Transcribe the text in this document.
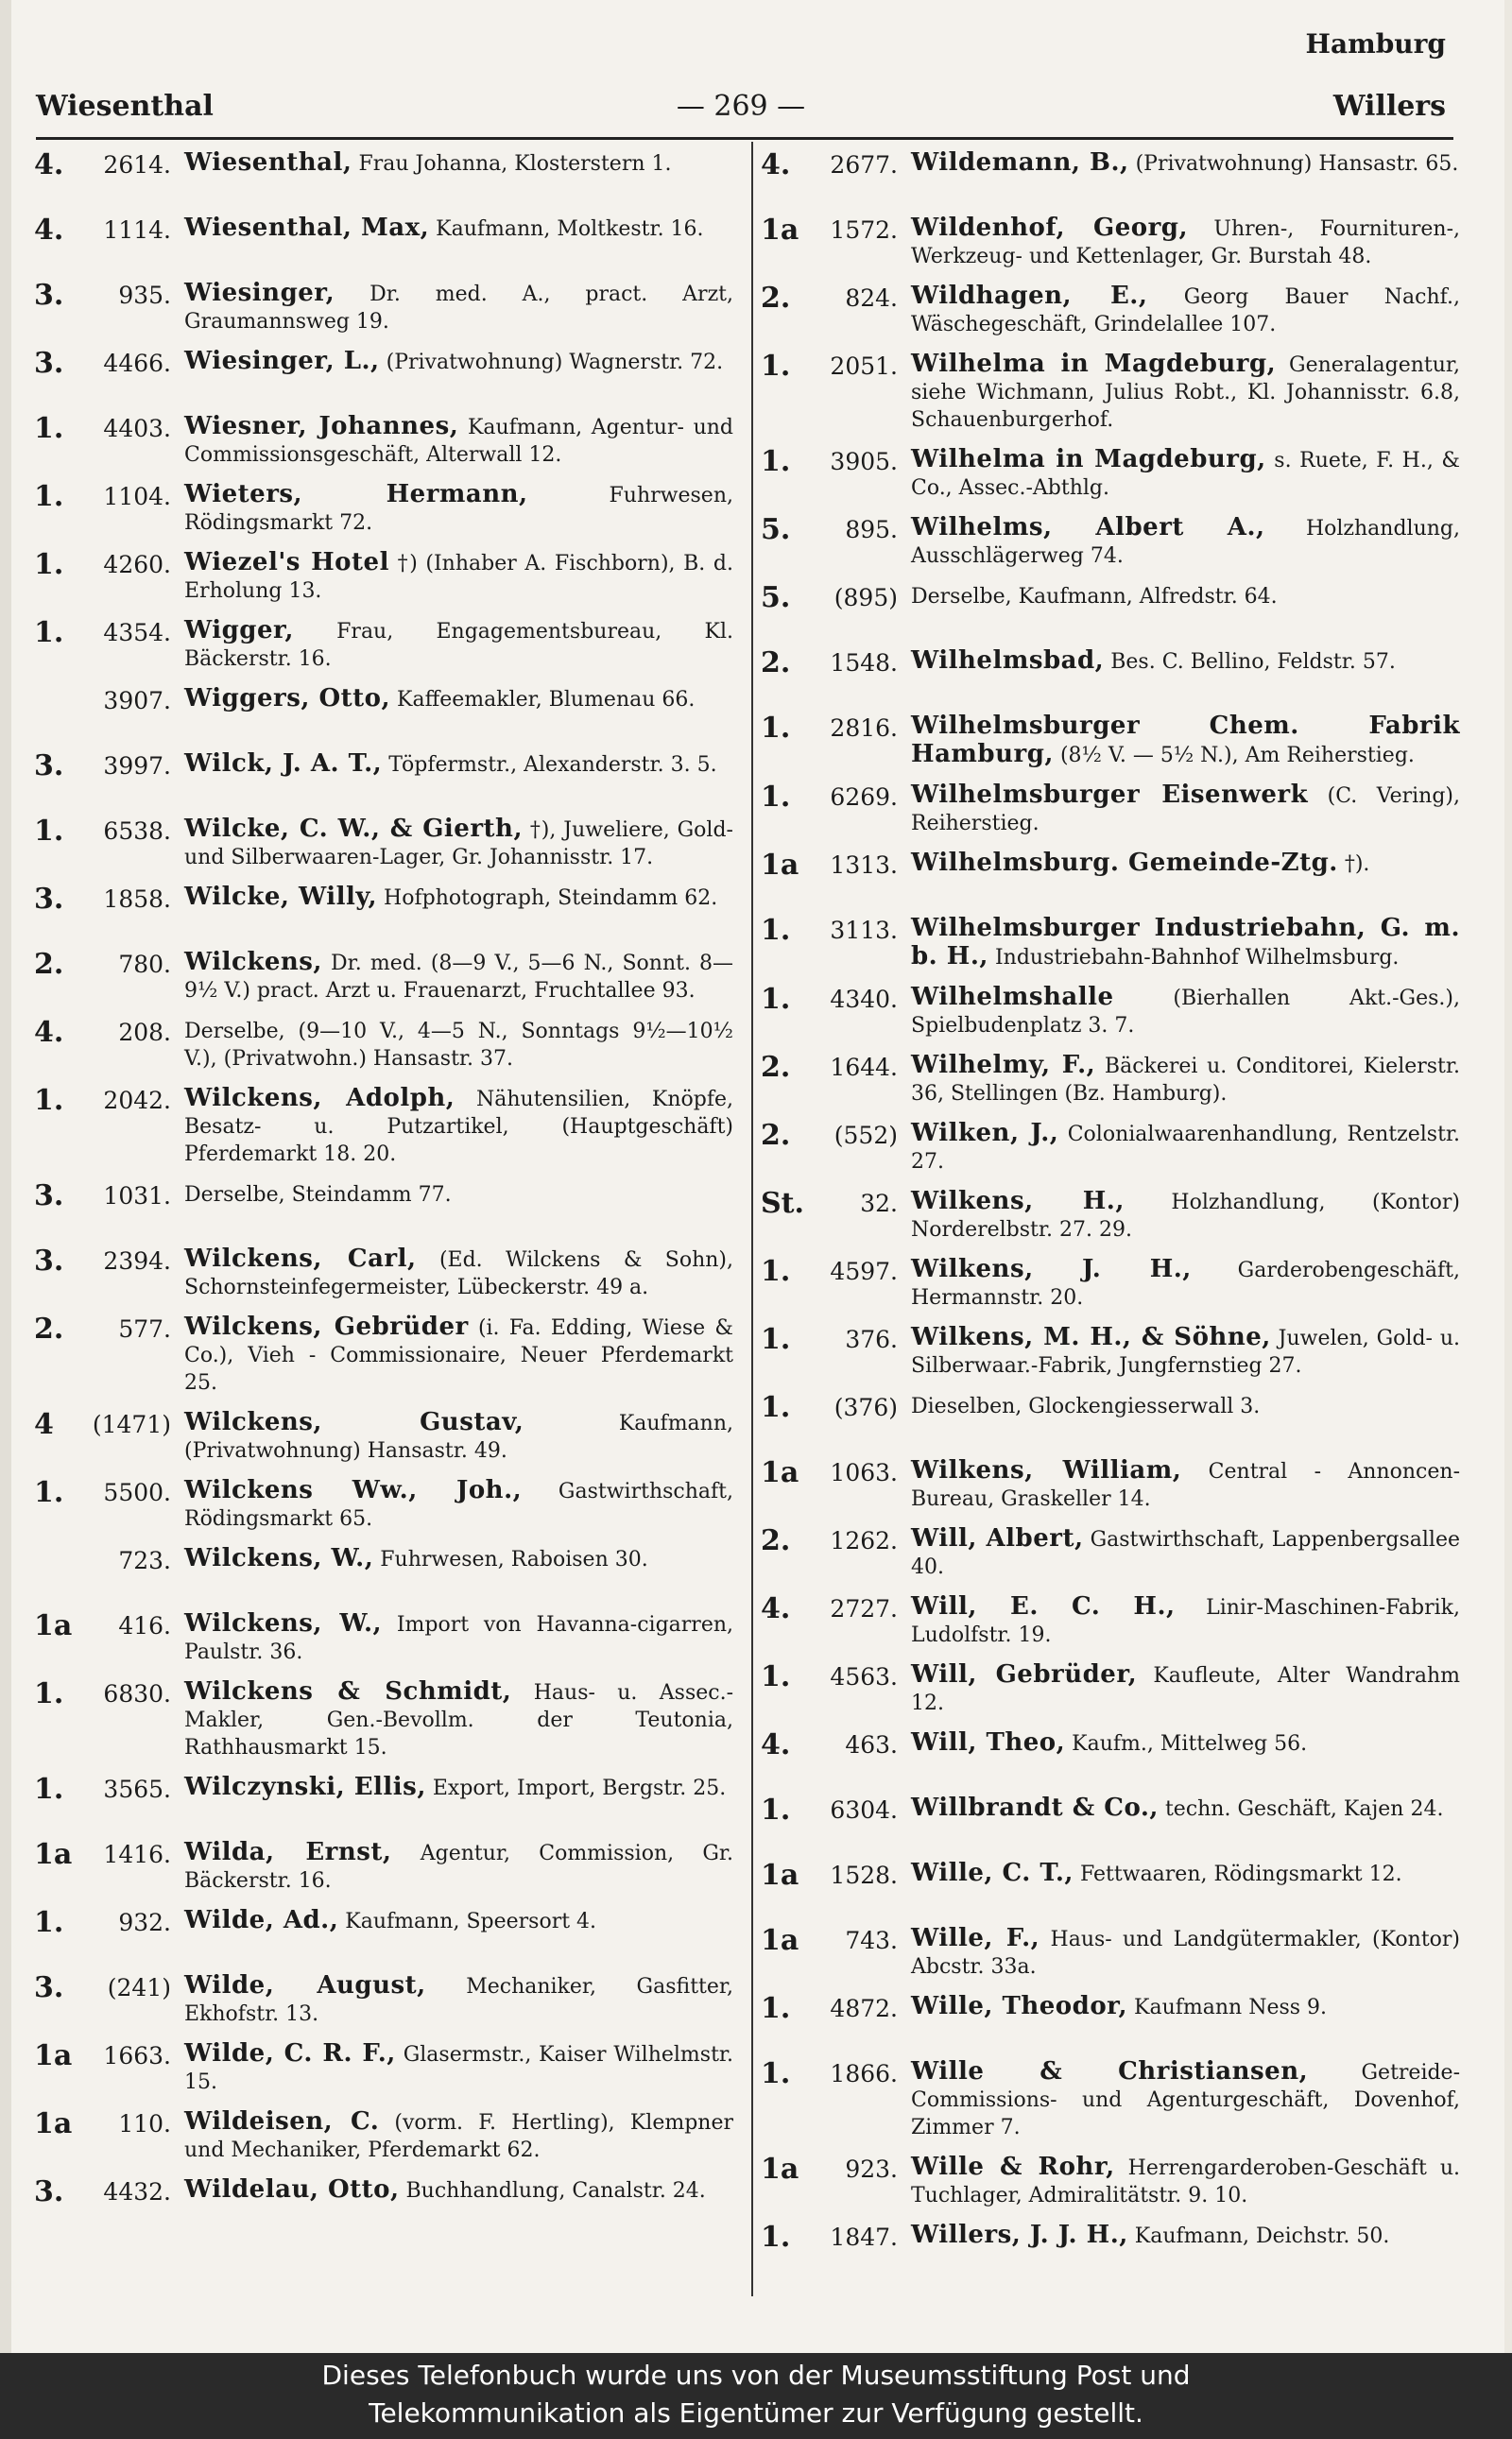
Hamburg
Wiesenthal	— 269 —	Willers
4.	2614. Wiesenthal, Frau Johanna, Klosterstern 1.
4.	1114. Wiesenthal, Max, Kaufmann, Moltkestr. 16.
3.	935. Wiesinger, Dr. med. A., pract. Arzt, Graumannsweg 19.
3.	4466. Wiesinger, L., (Privatwohnung) Wagnerstr. 72.
1.	4403. Wiesner, Johannes, Kaufmann, Agentur- und Commissionsgeschäft, Alterwall 12.
1.	1104. Wieters, Hermann,	Fuhrwesen, Rödingsmarkt 72.
1.	4260. Wiezel's Hotel †) (Inhaber A. Fischborn), B. d. Erholung 13.
1.	4354. Wigger, Frau, Engagementsbureau, Kl. Bäckerstr. 16.
3907. Wiggers, Otto, Kaffeemakler, Blumenau 66.
3.	3997. Wilck, J. A. T., Töpfermstr., Alexanderstr. 3. 5.
1.	6538. Wilcke, C. W., & Gierth, †), Juweliere, Gold- und Silberwaaren-Lager, Gr. Johannisstr. 17.
3.	1858. Wilcke, Willy, Hofphotograph, Steindamm 62.
2.	780. Wilckens, Dr. med. (8—9 V., 5—6 N., Sonnt. 8—9½ V.) pract. Arzt u. Frauenarzt, Fruchtallee 93.
4.	208. Derselbe, (9—10 V., 4—5 N., Sonntags 9½—10½ V.), (Privatwohn.) Hansastr. 37.
1.	2042. Wilckens, Adolph, Nähutensilien, Knöpfe, Besatz- u. Putzartikel, (Hauptgeschäft) Pferdemarkt 18. 20.
3.	1031. Derselbe, Steindamm 77.
3.	2394. Wilckens, Carl, (Ed. Wilckens & Sohn), Schornsteinfegermeister, Lübeckerstr. 49 a.
2.	577. Wilckens, Gebrüder (i. Fa. Edding, Wiese & Co.), Vieh - Commissionaire, Neuer Pferdemarkt 25.
4	(1471) Wilckens, Gustav,	Kaufmann, (Privatwohnung) Hansastr. 49.
1.	5500. Wilckens Ww., Joh., Gastwirthschaft, Rödingsmarkt 65.
723. Wilckens, W., Fuhrwesen, Raboisen 30.
1a	416. Wilckens, W., Import von Havanna-cigarren, Paulstr. 36.
1.	6830. Wilckens & Schmidt, Haus- u. Assec.-Makler, Gen.-Bevollm. der Teutonia, Rathhausmarkt 15.
1.	3565. Wilczynski, Ellis, Export, Import, Bergstr. 25.
1a	1416. Wilda, Ernst, Agentur, Commission, Gr. Bäckerstr. 16.
1.	932. Wilde, Ad., Kaufmann, Speersort 4.
3.	(241) Wilde, August, Mechaniker, Gasfitter, Ekhofstr. 13.
1a	1663. Wilde, C. R. F., Glasermstr., Kaiser Wilhelmstr. 15.
1a	110. Wildeisen, C. (vorm. F. Hertling), Klempner und Mechaniker, Pferdemarkt 62.
3.	4432. Wildelau, Otto, Buchhandlung, Canalstr. 24.
4.	2677. Wildemann, B., (Privatwohnung) Hansastr. 65.
1a	1572. Wildenhof, Georg, Uhren-, Fournituren-, Werkzeug- und Kettenlager, Gr. Burstah 48.
2.	824. Wildhagen, E., Georg Bauer Nachf., Wäschegeschäft, Grindelallee 107.
1.	2051. Wilhelma in Magdeburg, Generalagentur, siehe Wichmann, Julius Robt., Kl. Johannisstr. 6.8, Schauenburgerhof.
1.	3905. Wilhelma in Magdeburg, s. Ruete, F. H., & Co., Assec.-Abthlg.
5.	895. Wilhelms, Albert A., Holzhandlung, Ausschlägerweg 74.
5.	(895) Derselbe, Kaufmann, Alfredstr. 64.
2.	1548. Wilhelmsbad, Bes. C. Bellino, Feldstr. 57.
1.	2816. Wilhelmsburger Chem. Fabrik Hamburg, (8½ V. — 5½ N.), Am Reiherstieg.
1.	6269. Wilhelmsburger Eisenwerk (C. Vering), Reiherstieg.
1a	1313. Wilhelmsburg. Gemeinde-Ztg. †).
1.	3113. Wilhelmsburger Industriebahn, G. m. b. H., Industriebahn-Bahnhof Wilhelmsburg.
1.	4340. Wilhelmshalle	(Bierhallen Akt.-Ges.), Spielbudenplatz 3. 7.
2.	1644. Wilhelmy, F., Bäckerei u. Conditorei, Kielerstr. 36, Stellingen (Bz. Hamburg).
2.	(552) Wilken, J., Colonialwaarenhandlung, Rentzelstr. 27.
St.	32. Wilkens, H., Holzhandlung, (Kontor) Norderelbstr. 27. 29.
1.	4597. Wilkens, J. H., Garderobengeschäft, Hermannstr. 20.
1.	376. Wilkens, M. H., & Söhne, Juwelen, Gold- u. Silberwaar.-Fabrik, Jungfernstieg 27.
1.	(376) Dieselben, Glockengiesserwall 3.
1a	1063. Wilkens, William, Central - Annoncen-Bureau, Graskeller 14.
2.	1262. Will, Albert, Gastwirthschaft, Lappenbergsallee 40.
4.	2727. Will, E. C. H., Linir-Maschinen-Fabrik, Ludolfstr. 19.
1.	4563. Will, Gebrüder, Kaufleute, Alter Wandrahm 12.
4.	463. Will, Theo, Kaufm., Mittelweg 56.
1.	6304. Willbrandt & Co., techn. Geschäft, Kajen 24.
1a	1528. Wille, C. T., Fettwaaren, Rödingsmarkt 12.
1a	743. Wille, F., Haus- und Landgütermakler, (Kontor) Abcstr. 33a.
1.	4872. Wille, Theodor, Kaufmann Ness 9.
1.	1866. Wille & Christiansen,	Getreide-Commissions- und Agenturgeschäft, Dovenhof, Zimmer 7.
1a	923. Wille & Rohr, Herrengarderoben-Geschäft u. Tuchlager, Admiralitätstr. 9. 10.
1.	1847. Willers, J. J. H., Kaufmann, Deichstr. 50.
Dieses Telefonbuch wurde uns von der Museumsstiftung Post und
Telekommunikation als Eigentümer zur Verfügung gestellt.
